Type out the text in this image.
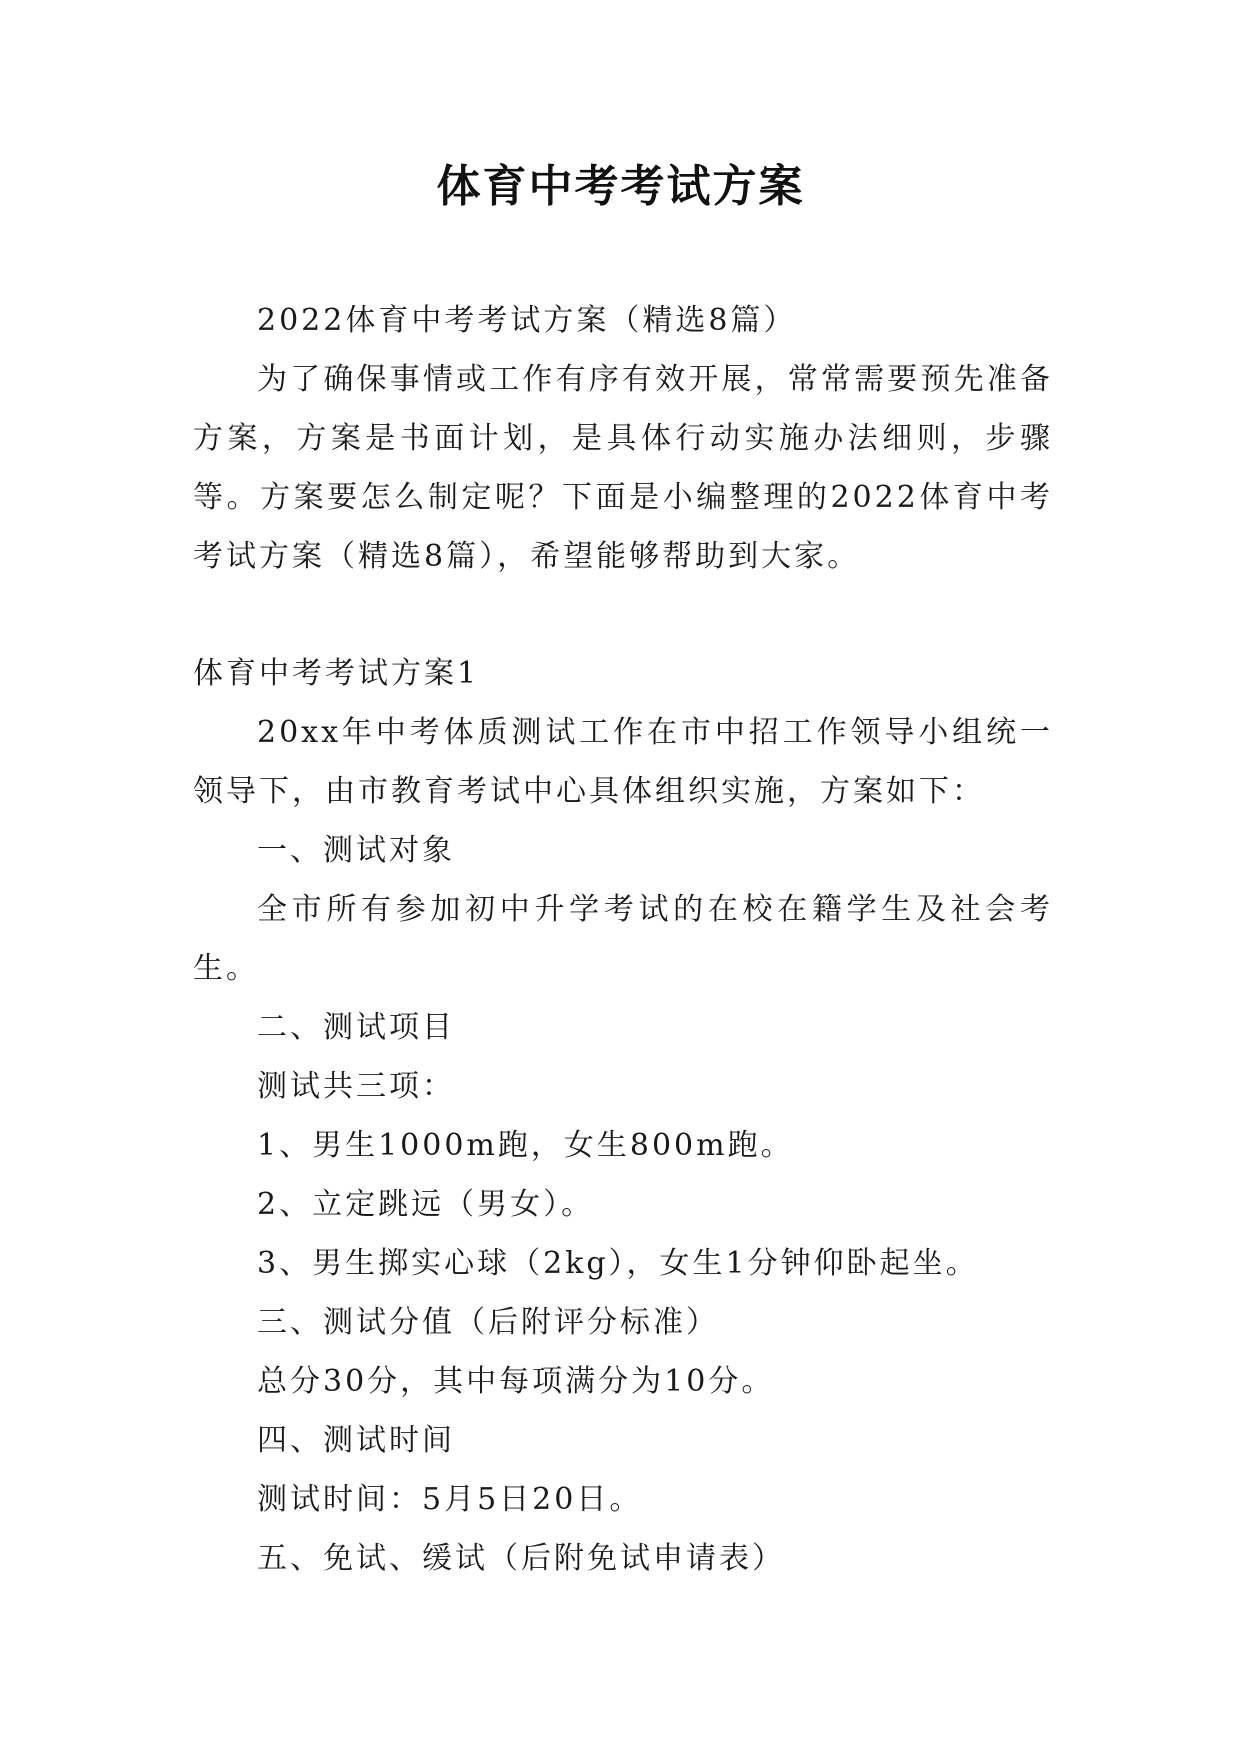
体育中考考试方案

2022体育中考考试方案（精选8篇）

为了确保事情或工作有序有效开展，常常需要预先准备方案，方案是书面计划，是具体行动实施办法细则，步骤等。方案要怎么制定呢？下面是小编整理的2022体育中考考试方案（精选8篇），希望能够帮助到大家。

体育中考考试方案1

20xx年中考体质测试工作在市中招工作领导小组统一领导下，由市教育考试中心具体组织实施，方案如下：

一、测试对象

全市所有参加初中升学考试的在校在籍学生及社会考生。

二、测试项目

测试共三项：

1、男生1000m跑，女生800m跑。

2、立定跳远（男女）。

3、男生掷实心球（2kg），女生1分钟仰卧起坐。

三、测试分值（后附评分标准）

总分30分，其中每项满分为10分。

四、测试时间

测试时间：5月5日20日。

五、免试、缓试（后附免试申请表）
